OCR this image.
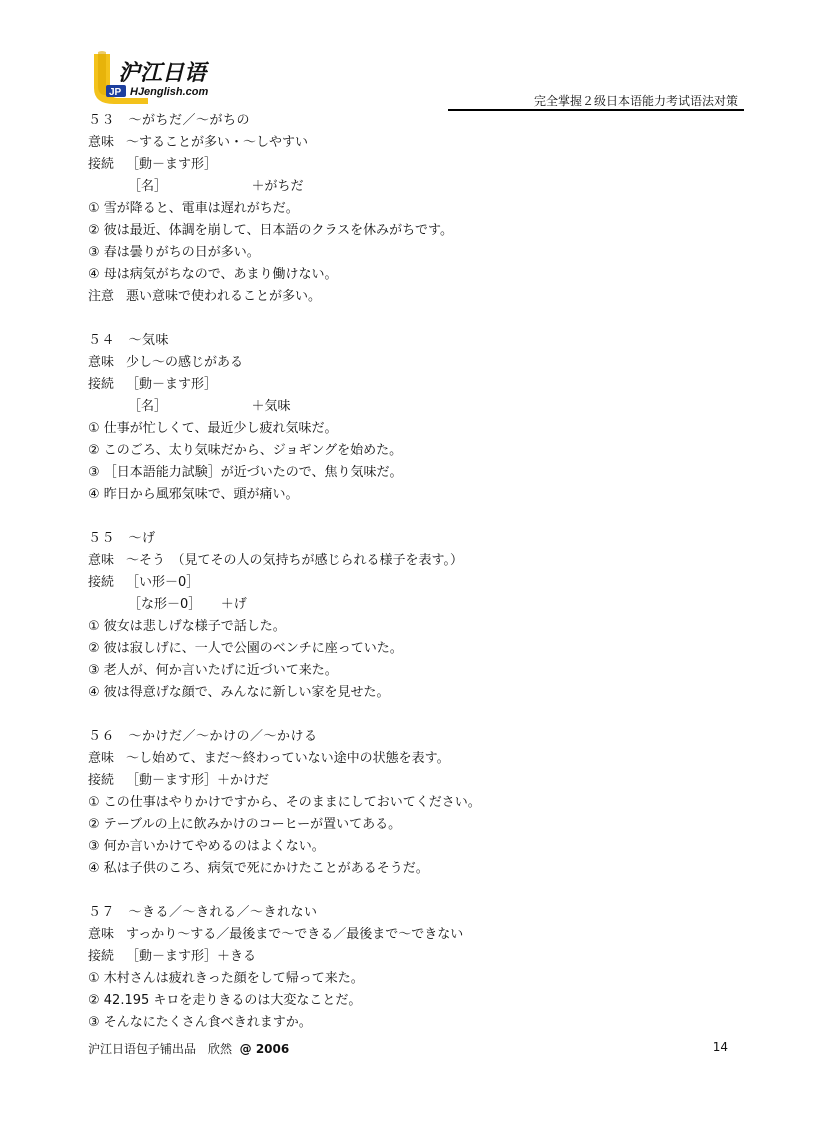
JP
沪江日语
HJenglish.com
完全掌握２级日本语能力考试语法对策
５３　～がちだ／～がちの
意味 ～することが多い・～しやすい
接続 ［動－ます形］
［名］　　　　　　　＋がちだ
① 雪が降ると、電車は遅れがちだ。
② 彼は最近、体調を崩して、日本語のクラスを休みがちです。
③ 春は曇りがちの日が多い。
④ 母は病気がちなので、あまり働けない。
注意 悪い意味で使われることが多い。
５４　～気味
意味 少し～の感じがある
接続 ［動－ます形］
［名］　　　　　　　＋気味
① 仕事が忙しくて、最近少し疲れ気味だ。
② このごろ、太り気味だから、ジョギングを始めた。
③ ［日本語能力試験］が近づいたので、焦り気味だ。
④ 昨日から風邪気味で、頭が痛い。
５５　～げ
意味 ～そう　（見てその人の気持ちが感じられる様子を表す。）
接続 ［い形－0］
［な形－0］　　＋げ
① 彼女は悲しげな様子で話した。
② 彼は寂しげに、一人で公園のベンチに座っていた。
③ 老人が、何か言いたげに近づいて来た。
④ 彼は得意げな顔で、みんなに新しい家を見せた。
５６　～かけだ／～かけの／～かける
意味 ～し始めて、まだ～終わっていない途中の状態を表す。
接続 ［動－ます形］＋かけだ
① この仕事はやりかけですから、そのままにしておいてください。
② テーブルの上に飲みかけのコーヒーが置いてある。
③ 何か言いかけてやめるのはよくない。
④ 私は子供のころ、病気で死にかけたことがあるそうだ。
５７　～きる／～きれる／～きれない
意味 すっかり～する／最後まで～できる／最後まで～できない
接続 ［動－ます形］＋きる
① 木村さんは疲れきった顔をして帰って来た。
② 42.195 キロを走りきるのは大変なことだ。
③ そんなにたくさん食べきれますか。
沪江日语包子铺出品　欣然 @ 2006	14
